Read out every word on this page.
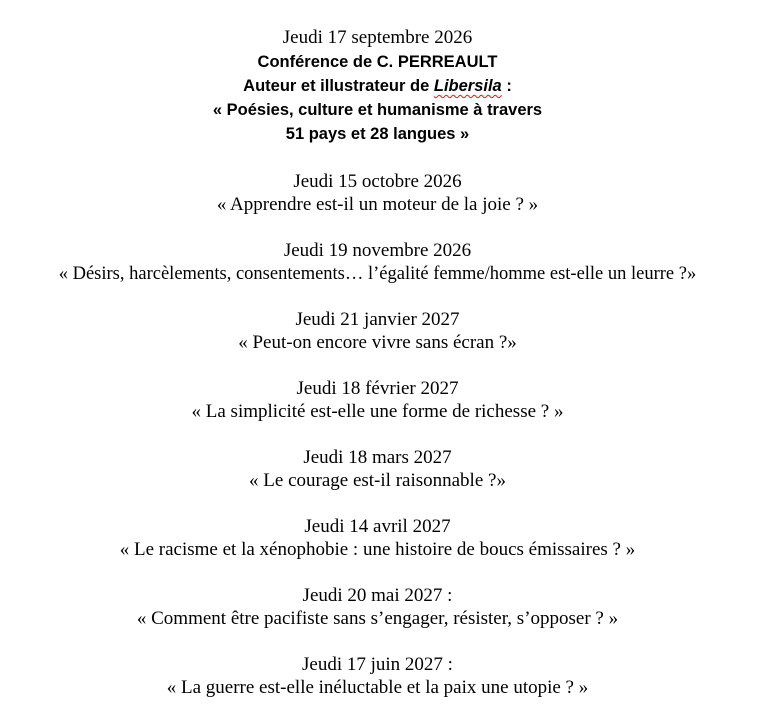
Jeudi 17 septembre 2026
Conférence de C. PERREAULT
Auteur et illustrateur de Libersila :
« Poésies, culture et humanisme à travers
51 pays et 28 langues »
Jeudi 15 octobre 2026
« Apprendre est-il un moteur de la joie ? »
Jeudi 19 novembre 2026
« Désirs, harcèlements, consentements… l’égalité femme/homme est-elle un leurre ?»
Jeudi 21 janvier 2027
« Peut-on encore vivre sans écran ?»
Jeudi 18 février 2027
« La simplicité est-elle une forme de richesse ? »
Jeudi 18 mars 2027
« Le courage est-il raisonnable ?»
Jeudi 14 avril 2027
« Le racisme et la xénophobie : une histoire de boucs émissaires ? »
Jeudi 20 mai 2027 :
« Comment être pacifiste sans s’engager, résister, s’opposer ? »
Jeudi 17 juin 2027 :
« La guerre est-elle inéluctable et la paix une utopie ? »
